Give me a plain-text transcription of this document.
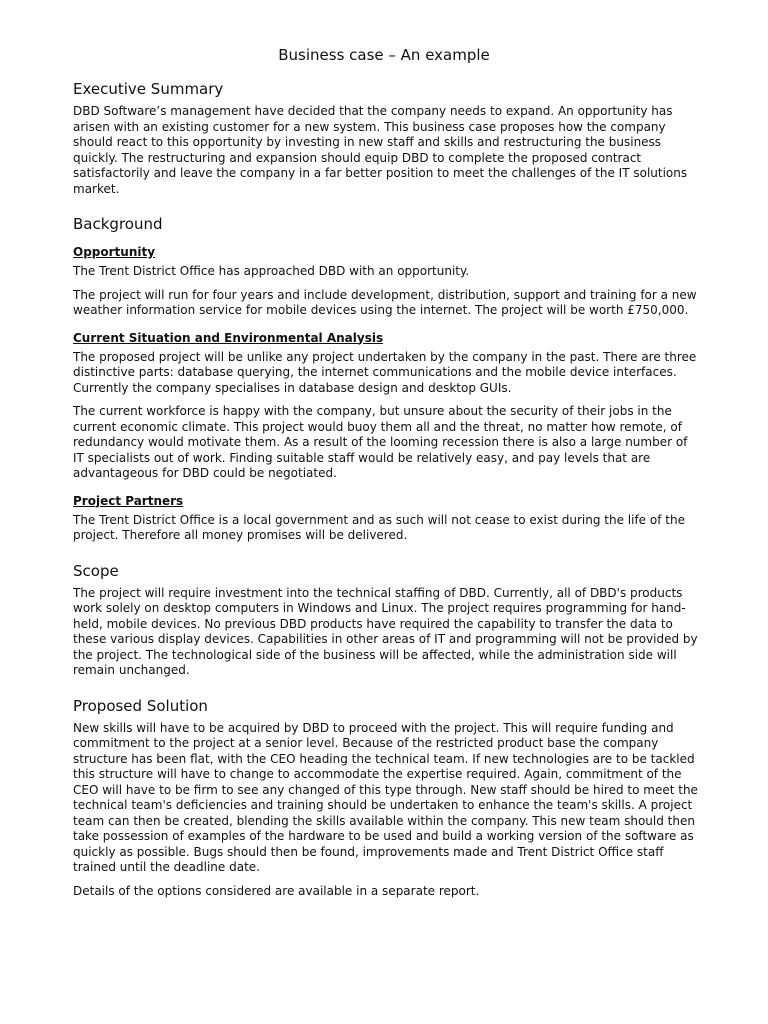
Business case – An example
Executive Summary

DBD Software’s management have decided that the company needs to expand. An opportunity has arisen with an existing customer for a new system. This business case proposes how the company should react to this opportunity by investing in new staff and skills and restructuring the business quickly. The restructuring and expansion should equip DBD to complete the proposed contract satisfactorily and leave the company in a far better position to meet the challenges of the IT solutions market.

Background
Opportunity

The Trent District Office has approached DBD with an opportunity.

The project will run for four years and include development, distribution, support and training for a new weather information service for mobile devices using the internet. The project will be worth £750,000.

Current Situation and Environmental Analysis

The proposed project will be unlike any project undertaken by the company in the past. There are three distinctive parts: database querying, the internet communications and the mobile device interfaces. Currently the company specialises in database design and desktop GUIs.

The current workforce is happy with the company, but unsure about the security of their jobs in the current economic climate. This project would buoy them all and the threat, no matter how remote, of redundancy would motivate them. As a result of the looming recession there is also a large number of IT specialists out of work. Finding suitable staff would be relatively easy, and pay levels that are advantageous for DBD could be negotiated.

Project Partners

The Trent District Office is a local government and as such will not cease to exist during the life of the project. Therefore all money promises will be delivered.

Scope

The project will require investment into the technical staffing of DBD. Currently, all of DBD's products work solely on desktop computers in Windows and Linux. The project requires programming for hand-held, mobile devices. No previous DBD products have required the capability to transfer the data to these various display devices. Capabilities in other areas of IT and programming will not be provided by the project. The technological side of the business will be affected, while the administration side will remain unchanged.

Proposed Solution

New skills will have to be acquired by DBD to proceed with the project. This will require funding and commitment to the project at a senior level. Because of the restricted product base the company structure has been flat, with the CEO heading the technical team. If new technologies are to be tackled this structure will have to change to accommodate the expertise required. Again, commitment of the CEO will have to be firm to see any changed of this type through. New staff should be hired to meet the technical team's deficiencies and training should be undertaken to enhance the team's skills. A project team can then be created, blending the skills available within the company. This new team should then take possession of examples of the hardware to be used and build a working version of the software as quickly as possible. Bugs should then be found, improvements made and Trent District Office staff trained until the deadline date.

Details of the options considered are available in a separate report.
